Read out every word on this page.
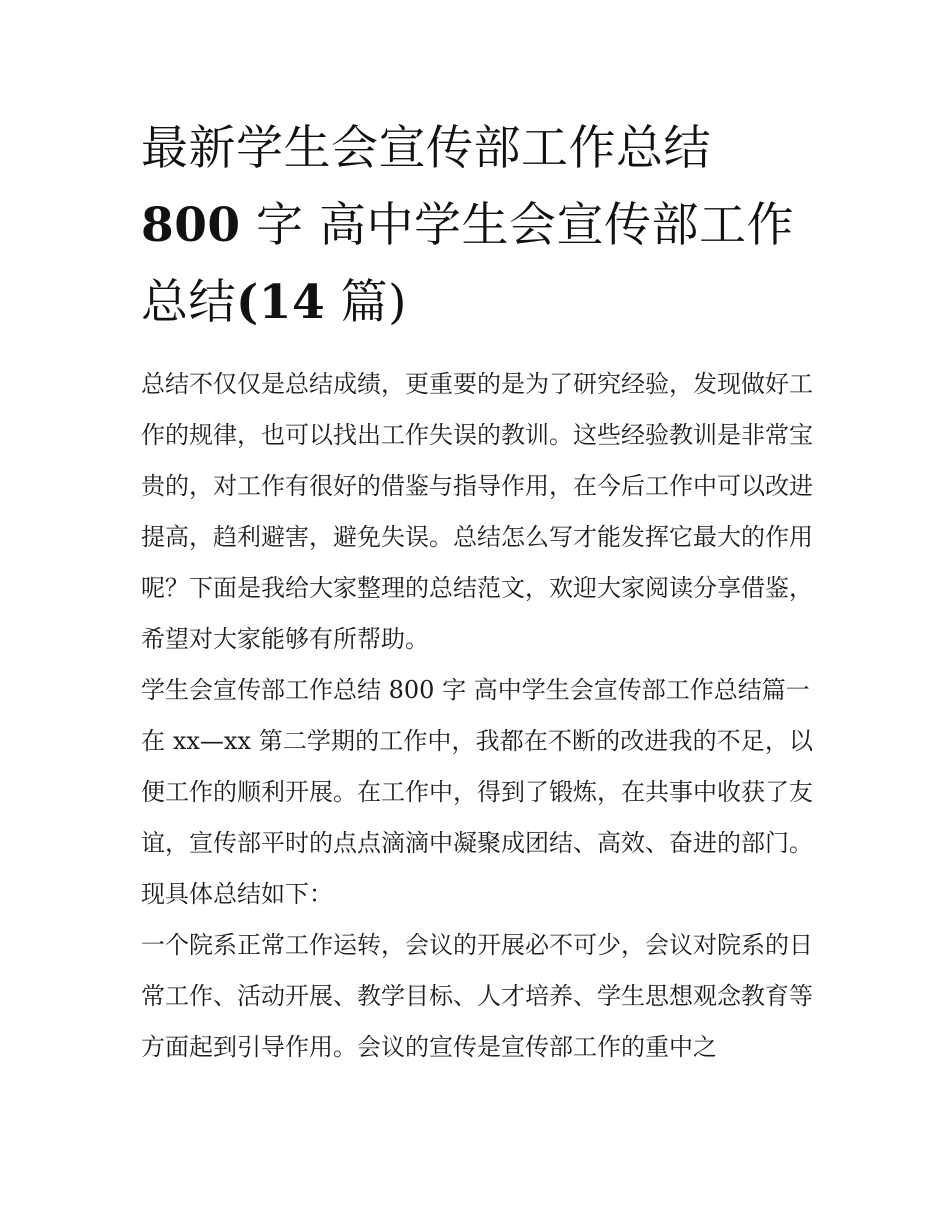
最新学生会宣传部工作总结
800 字 高中学生会宣传部工作
总结(14 篇)

总结不仅仅是总结成绩，更重要的是为了研究经验，发现做好工作的规律，也可以找出工作失误的教训。这些经验教训是非常宝贵的，对工作有很好的借鉴与指导作用，在今后工作中可以改进提高，趋利避害，避免失误。总结怎么写才能发挥它最大的作用呢？下面是我给大家整理的总结范文，欢迎大家阅读分享借鉴，希望对大家能够有所帮助。

学生会宣传部工作总结 800 字 高中学生会宣传部工作总结篇一

在 xx—xx 第二学期的工作中，我都在不断的改进我的不足，以便工作的顺利开展。在工作中，得到了锻炼，在共事中收获了友谊，宣传部平时的点点滴滴中凝聚成团结、高效、奋进的部门。现具体总结如下：

一个院系正常工作运转，会议的开展必不可少，会议对院系的日常工作、活动开展、教学目标、人才培养、学生思想观念教育等方面起到引导作用。会议的宣传是宣传部工作的重中之
